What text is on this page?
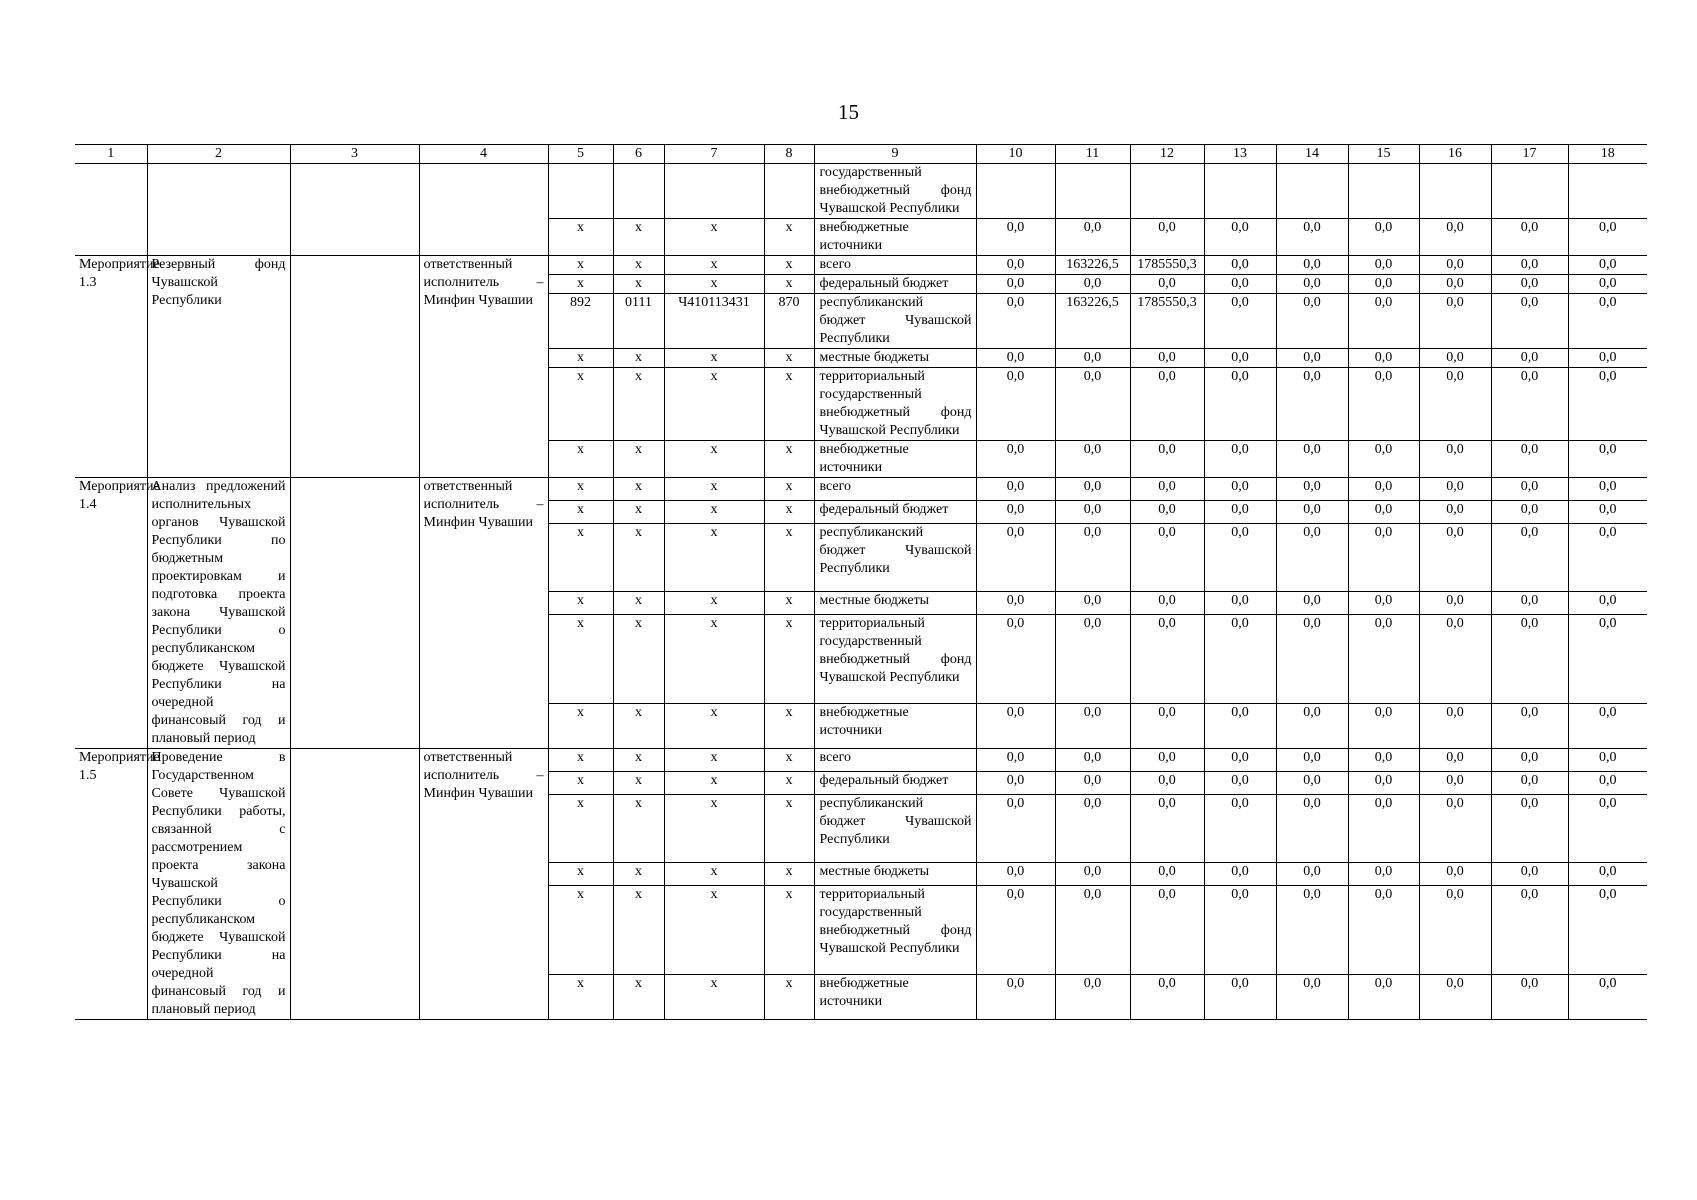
15
1	2	3	4	5	6	7	8	9	10	11	12	13	14	15	16	17	18
								государственный внебюджетный фонд Чувашской Республики									
				x	x	x	x	внебюджетные источники	0,0	0,0	0,0	0,0	0,0	0,0	0,0	0,0	0,0
Мероприятие 1.3	Резервный фонд Чувашской Республики		ответственный исполнитель – Минфин Чувашии	x	x	x	x	всего	0,0	163226,5	1785550,3	0,0	0,0	0,0	0,0	0,0	0,0
				x	x	x	x	федеральный бюджет	0,0	0,0	0,0	0,0	0,0	0,0	0,0	0,0	0,0
				892	0111	Ч410113431	870	республиканский бюджет Чувашской Республики	0,0	163226,5	1785550,3	0,0	0,0	0,0	0,0	0,0	0,0
				x	x	x	x	местные бюджеты	0,0	0,0	0,0	0,0	0,0	0,0	0,0	0,0	0,0
				x	x	x	x	территориальный государственный внебюджетный фонд Чувашской Республики	0,0	0,0	0,0	0,0	0,0	0,0	0,0	0,0	0,0
				x	x	x	x	внебюджетные источники	0,0	0,0	0,0	0,0	0,0	0,0	0,0	0,0	0,0
Мероприятие 1.4	Анализ предложений исполнительных органов Чувашской Республики по бюджетным проектировкам и подготовка проекта закона Чувашской Республики о республиканском бюджете Чувашской Республики на очередной финансовый год и плановый период		ответственный исполнитель – Минфин Чувашии	x	x	x	x	всего	0,0	0,0	0,0	0,0	0,0	0,0	0,0	0,0	0,0
				x	x	x	x	федеральный бюджет	0,0	0,0	0,0	0,0	0,0	0,0	0,0	0,0	0,0
				x	x	x	x	республиканский бюджет Чувашской Республики	0,0	0,0	0,0	0,0	0,0	0,0	0,0	0,0	0,0
				x	x	x	x	местные бюджеты	0,0	0,0	0,0	0,0	0,0	0,0	0,0	0,0	0,0
				x	x	x	x	территориальный государственный внебюджетный фонд Чувашской Республики	0,0	0,0	0,0	0,0	0,0	0,0	0,0	0,0	0,0
				x	x	x	x	внебюджетные источники	0,0	0,0	0,0	0,0	0,0	0,0	0,0	0,0	0,0
Мероприятие 1.5	Проведение в Государственном Совете Чувашской Республики работы, связанной с рассмотрением проекта закона Чувашской Республики о республиканском бюджете Чувашской Республики на очередной финансовый год и плановый период		ответственный исполнитель – Минфин Чувашии	x	x	x	x	всего	0,0	0,0	0,0	0,0	0,0	0,0	0,0	0,0	0,0
				x	x	x	x	федеральный бюджет	0,0	0,0	0,0	0,0	0,0	0,0	0,0	0,0	0,0
				x	x	x	x	республиканский бюджет Чувашской Республики	0,0	0,0	0,0	0,0	0,0	0,0	0,0	0,0	0,0
				x	x	x	x	местные бюджеты	0,0	0,0	0,0	0,0	0,0	0,0	0,0	0,0	0,0
				x	x	x	x	территориальный государственный внебюджетный фонд Чувашской Республики	0,0	0,0	0,0	0,0	0,0	0,0	0,0	0,0	0,0
				x	x	x	x	внебюджетные источники	0,0	0,0	0,0	0,0	0,0	0,0	0,0	0,0	0,0
